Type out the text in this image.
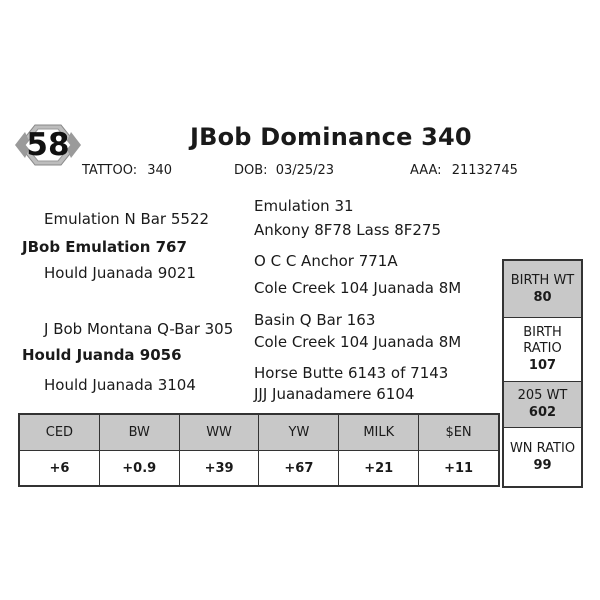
58	JBob Dominance 340
TATTOO: 340	DOB: 03/25/23	AAA: 21132745
Emulation N Bar 5522
Emulation 31
Ankony 8F78 Lass 8F275
JBob Emulation 767
Hould Juanada 9021
O C C Anchor 771A
Cole Creek 104 Juanada 8M
J Bob Montana Q-Bar 305 Basin Q Bar 163
Cole Creek 104 Juanada 8M
Hould Juanda 9056
Hould Juanada 3104
Horse Butte 6143 of 7143
JJJ Juanadamere 6104
CED	BW	WW	YW	MILK	$EN
+6	+0.9	+39	+67	+21	+11
BIRTH WT
80
BIRTH
RATIO
107
205 WT
602
WN RATIO
99
